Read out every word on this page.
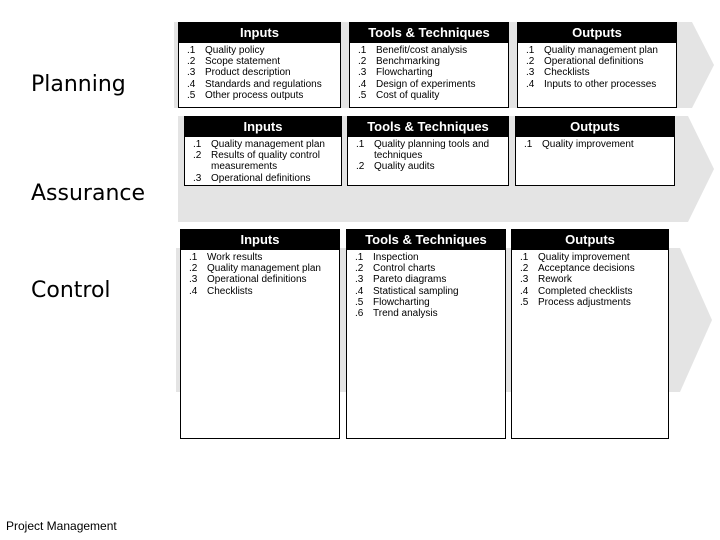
Planning
Assurance
Control
Inputs
.1 Quality policy
.2 Scope statement
.3 Product description
.4 Standards and regulations
.5 Other process outputs
Tools & Techniques
.1 Benefit/cost analysis
.2 Benchmarking
.3 Flowcharting
.4 Design of experiments
.5 Cost of quality
Outputs
.1 Quality management plan
.2 Operational definitions
.3 Checklists
.4 Inputs to other processes
Inputs
.1 Quality management plan
.2 Results of quality control measurements
.3 Operational definitions
Tools & Techniques
.1 Quality planning tools and techniques
.2 Quality audits
Outputs
.1 Quality improvement
Inputs
.1 Work results
.2 Quality management plan
.3 Operational definitions
.4 Checklists
Tools & Techniques
.1 Inspection
.2 Control charts
.3 Pareto diagrams
.4 Statistical sampling
.5 Flowcharting
.6 Trend analysis
Outputs
.1 Quality improvement
.2 Acceptance decisions
.3 Rework
.4 Completed checklists
.5 Process adjustments
Project Management
